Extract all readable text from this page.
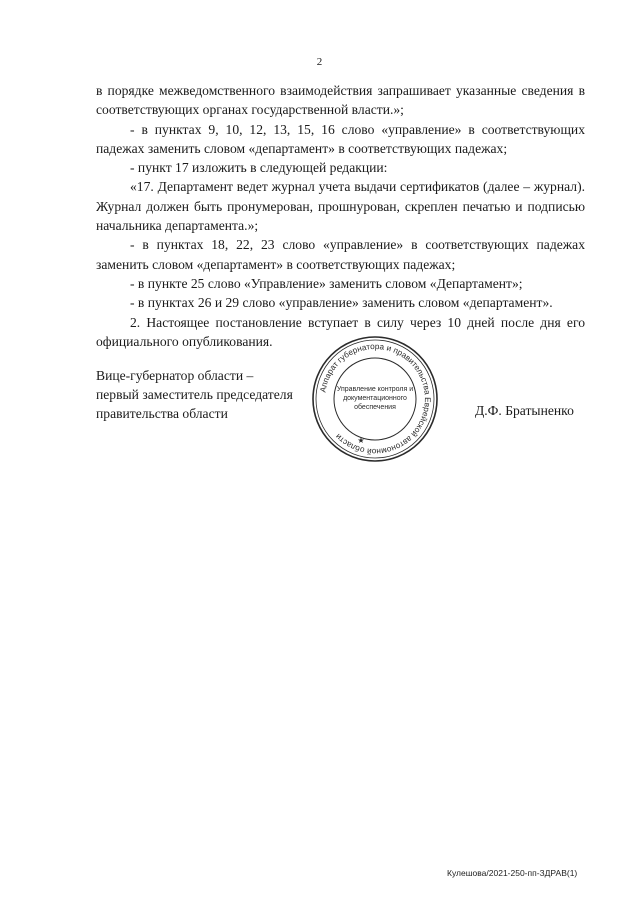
2

в порядке межведомственного взаимодействия запрашивает указанные сведения в соответствующих органах государственной власти.»;

- в пунктах 9, 10, 12, 13, 15, 16 слово «управление» в соответствующих падежах заменить словом «департамент» в соответствующих падежах;

- пункт 17 изложить в следующей редакции:

«17. Департамент ведет журнал учета выдачи сертификатов (далее – журнал). Журнал должен быть пронумерован, прошнурован, скреплен печатью и подписью начальника департамента.»;

- в пунктах 18, 22, 23 слово «управление» в соответствующих падежах заменить словом «департамент» в соответствующих падежах;

- в пункте 25 слово «Управление» заменить словом «Департамент»;

- в пунктах 26 и 29 слово «управление» заменить словом «департамент».

2. Настоящее постановление вступает в силу через 10 дней после дня его официального опубликования.

Вице-губернатор области –
первый заместитель председателя
правительства области	Д.Ф. Братыненко
Аппарат губернатора и правительства Еврейской автономной области
Управление контроля и
документационного
обеспечения
★
Кулешова/2021-250-пп-ЗДРАВ(1)
